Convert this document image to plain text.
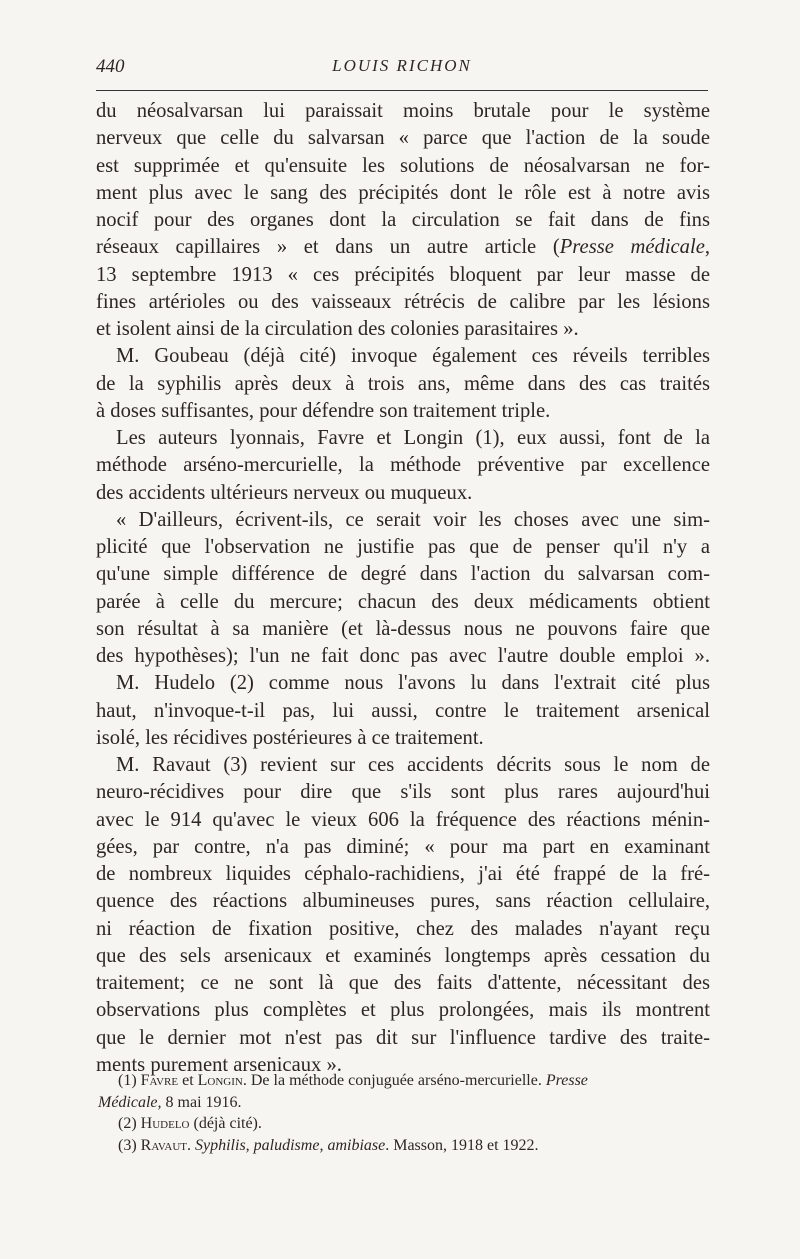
440	LOUIS RICHON
du néosalvarsan lui paraissait moins brutale pour le système
nerveux que celle du salvarsan « parce que l'action de la soude
est supprimée et qu'ensuite les solutions de néosalvarsan ne for-
ment plus avec le sang des précipités dont le rôle est à notre avis
nocif pour des organes dont la circulation se fait dans de fins
réseaux capillaires » et dans un autre article (Presse médicale,
13 septembre 1913 « ces précipités bloquent par leur masse de
fines artérioles ou des vaisseaux rétrécis de calibre par les lésions
et isolent ainsi de la circulation des colonies parasitaires ».
M. Goubeau (déjà cité) invoque également ces réveils terribles
de la syphilis après deux à trois ans, même dans des cas traités
à doses suffisantes, pour défendre son traitement triple.
Les auteurs lyonnais, Favre et Longin (1), eux aussi, font de la
méthode arséno-mercurielle, la méthode préventive par excellence
des accidents ultérieurs nerveux ou muqueux.
« D'ailleurs, écrivent-ils, ce serait voir les choses avec une sim-
plicité que l'observation ne justifie pas que de penser qu'il n'y a
qu'une simple différence de degré dans l'action du salvarsan com-
parée à celle du mercure; chacun des deux médicaments obtient
son résultat à sa manière (et là-dessus nous ne pouvons faire que
des hypothèses); l'un ne fait donc pas avec l'autre double emploi ».
M. Hudelo (2) comme nous l'avons lu dans l'extrait cité plus
haut, n'invoque-t-il pas, lui aussi, contre le traitement arsenical
isolé, les récidives postérieures à ce traitement.
M. Ravaut (3) revient sur ces accidents décrits sous le nom de
neuro-récidives pour dire que s'ils sont plus rares aujourd'hui
avec le 914 qu'avec le vieux 606 la fréquence des réactions ménin-
gées, par contre, n'a pas diminé; « pour ma part en examinant
de nombreux liquides céphalo-rachidiens, j'ai été frappé de la fré-
quence des réactions albumineuses pures, sans réaction cellulaire,
ni réaction de fixation positive, chez des malades n'ayant reçu
que des sels arsenicaux et examinés longtemps après cessation du
traitement; ce ne sont là que des faits d'attente, nécessitant des
observations plus complètes et plus prolongées, mais ils montrent
que le dernier mot n'est pas dit sur l'influence tardive des traite-
ments purement arsenicaux ».
(1) Favre et Longin. De la méthode conjuguée arséno-mercurielle. Presse
Médicale, 8 mai 1916.
(2) Hudelo (déjà cité).
(3) Ravaut. Syphilis, paludisme, amibiase. Masson, 1918 et 1922.
